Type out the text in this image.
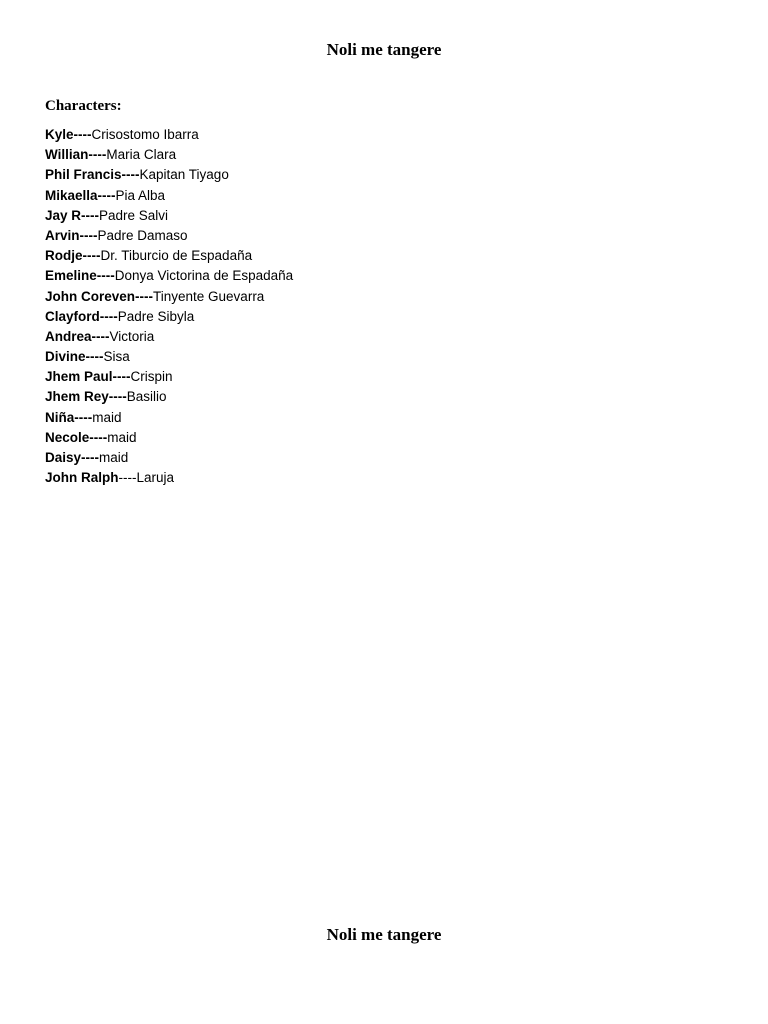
Noli me tangere
Characters:
Kyle----Crisostomo Ibarra
Willian----Maria Clara
Phil Francis----Kapitan Tiyago
Mikaella----Pia Alba
Jay R----Padre Salvi
Arvin----Padre Damaso
Rodje----Dr. Tiburcio de Espadaña
Emeline----Donya Victorina de Espadaña
John Coreven----Tinyente Guevarra
Clayford----Padre Sibyla
Andrea----Victoria
Divine----Sisa
Jhem Paul----Crispin
Jhem Rey----Basilio
Niña----maid
Necole----maid
Daisy----maid
John Ralph----Laruja
Noli me tangere
